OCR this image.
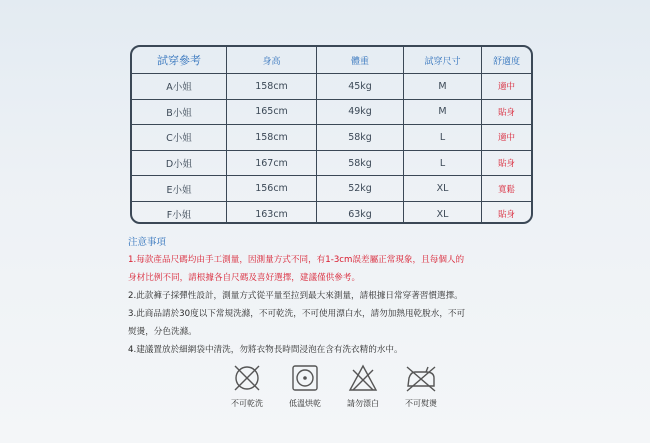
試穿參考	身高	體重	試穿尺寸	舒適度
A小姐	158cm	45kg	M	適中
B小姐	165cm	49kg	M	貼身
C小姐	158cm	58kg	L	適中
D小姐	167cm	58kg	L	貼身
E小姐	156cm	52kg	XL	寬鬆
F小姐	163cm	63kg	XL	貼身
注意事項
1.每款產品尺碼均由手工測量，因測量方式不同，有1-3cm誤差屬正常現象，且每個人的
身材比例不同，請根據各自尺碼及喜好選擇，建議僅供參考。
2.此款褲子採彈性設計，測量方式從平量至拉到最大來測量，請根據日常穿著習慣選擇。
3.此商品請於30度以下常規洗滌，不可乾洗，不可使用漂白水，請勿加熱甩乾脫水，不可
熨燙，分色洗滌。
4.建議置放於細網袋中清洗，勿將衣物長時間浸泡在含有洗衣精的水中。
不可乾洗	低溫烘乾	請勿漂白	不可熨燙
